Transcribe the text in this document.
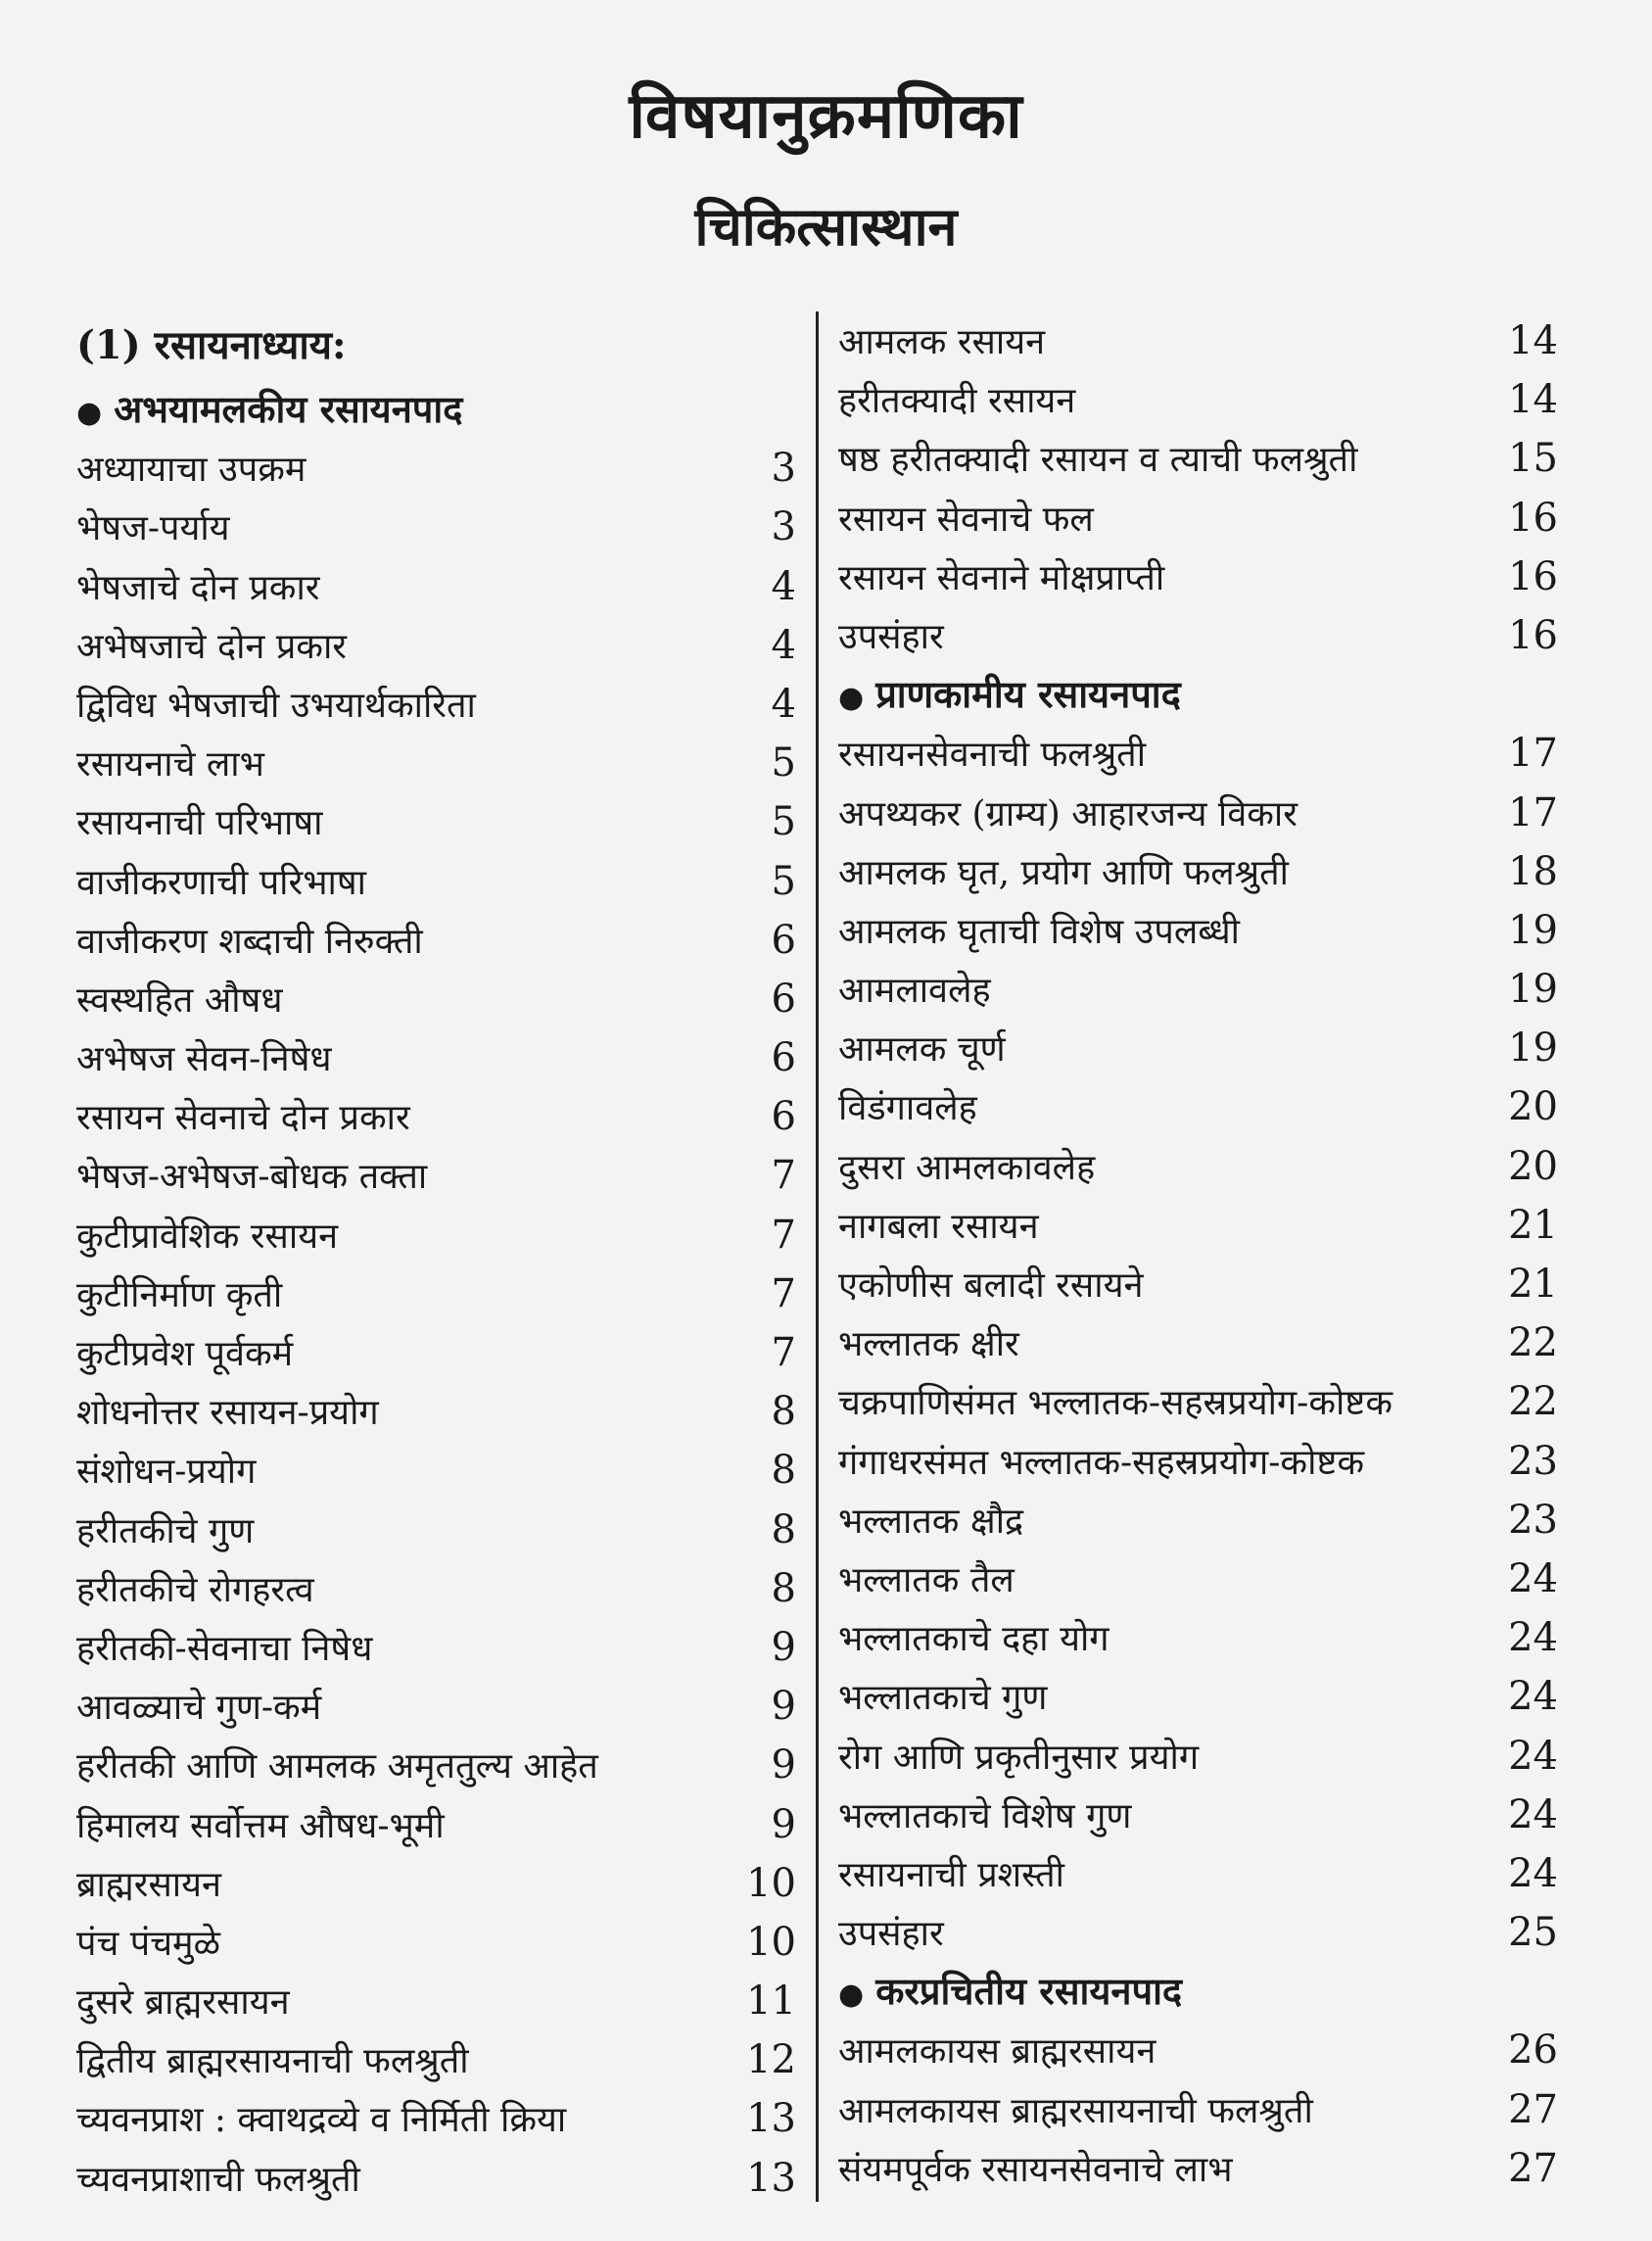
विषयानुक्रमणिका
चिकित्सास्थान
(1) रसायनाध्याय:
● अभयामलकीय रसायनपाद
अध्यायाचा उपक्रम	3
भेषज-पर्याय	3
भेषजाचे दोन प्रकार	4
अभेषजाचे दोन प्रकार	4
द्विविध भेषजाची उभयार्थकारिता	4
रसायनाचे लाभ	5
रसायनाची परिभाषा	5
वाजीकरणाची परिभाषा	5
वाजीकरण शब्दाची निरुक्ती	6
स्वस्थहित औषध	6
अभेषज सेवन-निषेध	6
रसायन सेवनाचे दोन प्रकार	6
भेषज-अभेषज-बोधक तक्ता	7
कुटीप्रावेशिक रसायन	7
कुटीनिर्माण कृती	7
कुटीप्रवेश पूर्वकर्म	7
शोधनोत्तर रसायन-प्रयोग	8
संशोधन-प्रयोग	8
हरीतकीचे गुण	8
हरीतकीचे रोगहरत्व	8
हरीतकी-सेवनाचा निषेध	9
आवळ्याचे गुण-कर्म	9
हरीतकी आणि आमलक अमृततुल्य आहेत	9
हिमालय सर्वोत्तम औषध-भूमी	9
ब्राह्मरसायन	10
पंच पंचमुळे	10
दुसरे ब्राह्मरसायन	11
द्वितीय ब्राह्मरसायनाची फलश्रुती	12
च्यवनप्राश : क्वाथद्रव्ये व निर्मिती क्रिया	13
च्यवनप्राशाची फलश्रुती	13
आमलक रसायन	14
हरीतक्यादी रसायन	14
षष्ठ हरीतक्यादी रसायन व त्याची फलश्रुती	15
रसायन सेवनाचे फल	16
रसायन सेवनाने मोक्षप्राप्ती	16
उपसंहार	16
● प्राणकामीय रसायनपाद
रसायनसेवनाची फलश्रुती	17
अपथ्यकर (ग्राम्य) आहारजन्य विकार	17
आमलक घृत, प्रयोग आणि फलश्रुती	18
आमलक घृताची विशेष उपलब्धी	19
आमलावलेह	19
आमलक चूर्ण	19
विडंगावलेह	20
दुसरा आमलकावलेह	20
नागबला रसायन	21
एकोणीस बलादी रसायने	21
भल्लातक क्षीर	22
चक्रपाणिसंमत भल्लातक-सहस्रप्रयोग-कोष्टक	22
गंगाधरसंमत भल्लातक-सहस्रप्रयोग-कोष्टक	23
भल्लातक क्षौद्र	23
भल्लातक तैल	24
भल्लातकाचे दहा योग	24
भल्लातकाचे गुण	24
रोग आणि प्रकृतीनुसार प्रयोग	24
भल्लातकाचे विशेष गुण	24
रसायनाची प्रशस्ती	24
उपसंहार	25
● करप्रचितीय रसायनपाद
आमलकायस ब्राह्मरसायन	26
आमलकायस ब्राह्मरसायनाची फलश्रुती	27
संयमपूर्वक रसायनसेवनाचे लाभ	27
